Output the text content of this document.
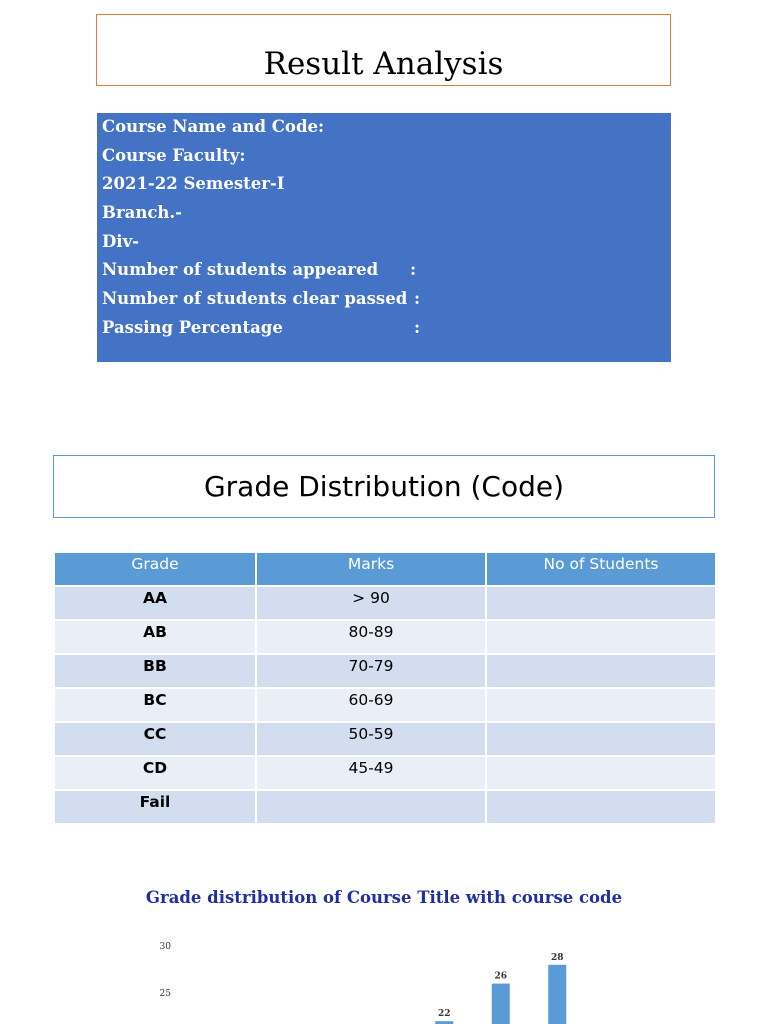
Result Analysis
Course Name and Code:
Course Faculty:
2021-22 Semester-I
Branch.-
Div-
Number of students appeared :
Number of students clear passed :
Passing Percentage	:
Grade Distribution (Code)
Grade	Marks	No of Students
AA	> 90	
AB	80-89	
BB	70-79	
BC	60-69	
CC	50-59	
CD	45-49	
Fail		
Grade distribution of Course Title with course code
30
25
22
26
28
